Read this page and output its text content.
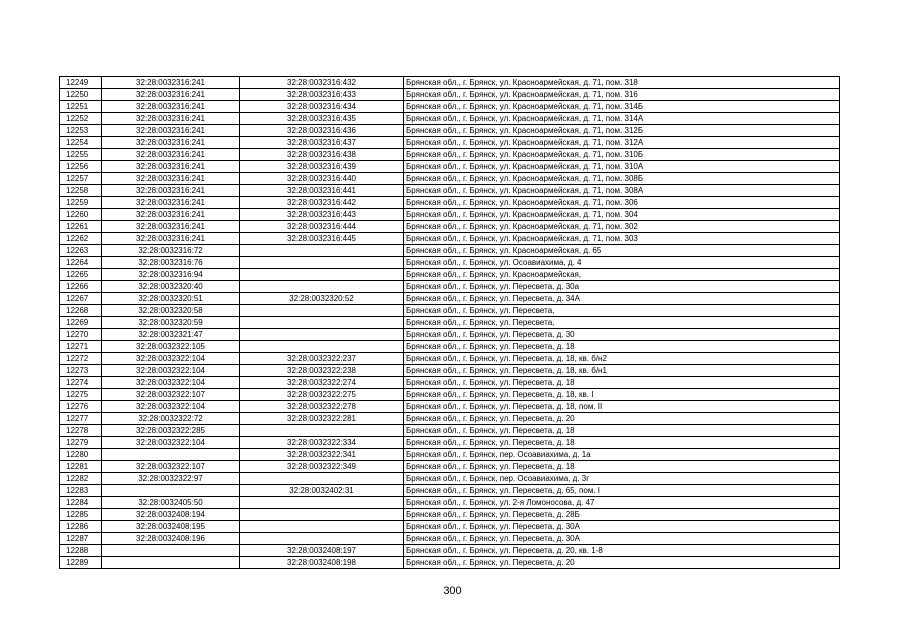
12249	32:28:0032316:241	32:28:0032316:432	Брянская обл., г. Брянск, ул. Красноармейская, д. 71, пом. 318
12250	32:28:0032316:241	32:28:0032316:433	Брянская обл., г. Брянск, ул. Красноармейская, д. 71, пом. 316
12251	32:28:0032316:241	32:28:0032316:434	Брянская обл., г. Брянск, ул. Красноармейская, д. 71, пом. 314Б
12252	32:28:0032316:241	32:28:0032316:435	Брянская обл., г. Брянск, ул. Красноармейская, д. 71, пом. 314А
12253	32:28:0032316:241	32:28:0032316:436	Брянская обл., г. Брянск, ул. Красноармейская, д. 71, пом. 312Б
12254	32:28:0032316:241	32:28:0032316:437	Брянская обл., г. Брянск, ул. Красноармейская, д. 71, пом. 312А
12255	32:28:0032316:241	32:28:0032316:438	Брянская обл., г. Брянск, ул. Красноармейская, д. 71, пом. 310Б
12256	32:28:0032316:241	32:28:0032316:439	Брянская обл., г. Брянск, ул. Красноармейская, д. 71, пом. 310А
12257	32:28:0032316:241	32:28:0032316:440	Брянская обл., г. Брянск, ул. Красноармейская, д. 71, пом. 308Б
12258	32:28:0032316:241	32:28:0032316:441	Брянская обл., г. Брянск, ул. Красноармейская, д. 71, пом. 308А
12259	32:28:0032316:241	32:28:0032316:442	Брянская обл., г. Брянск, ул. Красноармейская, д. 71, пом. 306
12260	32:28:0032316:241	32:28:0032316:443	Брянская обл., г. Брянск, ул. Красноармейская, д. 71, пом. 304
12261	32:28:0032316:241	32:28:0032316:444	Брянская обл., г. Брянск, ул. Красноармейская, д. 71, пом. 302
12262	32:28:0032316:241	32:28:0032316:445	Брянская обл., г. Брянск, ул. Красноармейская, д. 71, пом. 303
12263	32:28:0032316:72		Брянская обл., г. Брянск, ул. Красноармейская, д. 65
12264	32:28:0032316:76		Брянская обл., г. Брянск, ул. Осоавиахима, д. 4
12265	32:28:0032316:94		Брянская обл., г. Брянск, ул. Красноармейская,
12266	32:28:0032320:40		Брянская обл., г. Брянск, ул. Пересвета, д. 30а
12267	32:28:0032320:51	32:28:0032320:52	Брянская обл., г. Брянск, ул. Пересвета, д. 34А
12268	32:28:0032320:58		Брянская обл., г. Брянск, ул. Пересвета,
12269	32:28:0032320:59		Брянская обл., г. Брянск, ул. Пересвета,
12270	32:28:0032321:47		Брянская обл., г. Брянск, ул. Пересвета, д. 30
12271	32:28:0032322:105		Брянская обл., г. Брянск, ул. Пересвета, д. 18
12272	32:28:0032322:104	32:28:0032322:237	Брянская обл., г. Брянск, ул. Пересвета, д. 18, кв. б/н2
12273	32:28:0032322:104	32:28:0032322:238	Брянская обл., г. Брянск, ул. Пересвета, д. 18, кв. б/н1
12274	32:28:0032322:104	32:28:0032322:274	Брянская обл., г. Брянск, ул. Пересвета, д. 18
12275	32:28:0032322:107	32:28:0032322:275	Брянская обл., г. Брянск, ул. Пересвета, д. 18, кв. I
12276	32:28:0032322:104	32:28:0032322:278	Брянская обл., г. Брянск, ул. Пересвета, д. 18, пом. II
12277	32:28:0032322:72	32:28:0032322:281	Брянская обл., г. Брянск, ул. Пересвета, д. 20
12278	32:28:0032322:285		Брянская обл., г. Брянск, ул. Пересвета, д. 18
12279	32:28:0032322:104	32:28:0032322:334	Брянская обл., г. Брянск, ул. Пересвета, д. 18
12280		32:28:0032322:341	Брянская обл., г. Брянск, пер. Осоавиахима, д. 1а
12281	32:28:0032322:107	32:28:0032322:349	Брянская обл., г. Брянск, ул. Пересвета, д. 18
12282	32:28:0032322:97		Брянская обл., г. Брянск, пер. Осоавиахима, д. 3г
12283		32:28:0032402:31	Брянская обл., г. Брянск, ул. Пересвета, д. 65, пом. I
12284	32:28:0032405:50		Брянская обл., г. Брянск, ул. 2-я Ломоносова, д. 47
12285	32:28:0032408:194		Брянская обл., г. Брянск, ул. Пересвета, д. 28Б
12286	32:28:0032408:195		Брянская обл., г. Брянск, ул. Пересвета, д. 30А
12287	32:28:0032408:196		Брянская обл., г. Брянск, ул. Пересвета, д. 30А
12288		32:28:0032408:197	Брянская обл., г. Брянск, ул. Пересвета, д. 20, кв. 1-8
12289		32:28:0032408:198	Брянская обл., г. Брянск, ул. Пересвета, д. 20
300
